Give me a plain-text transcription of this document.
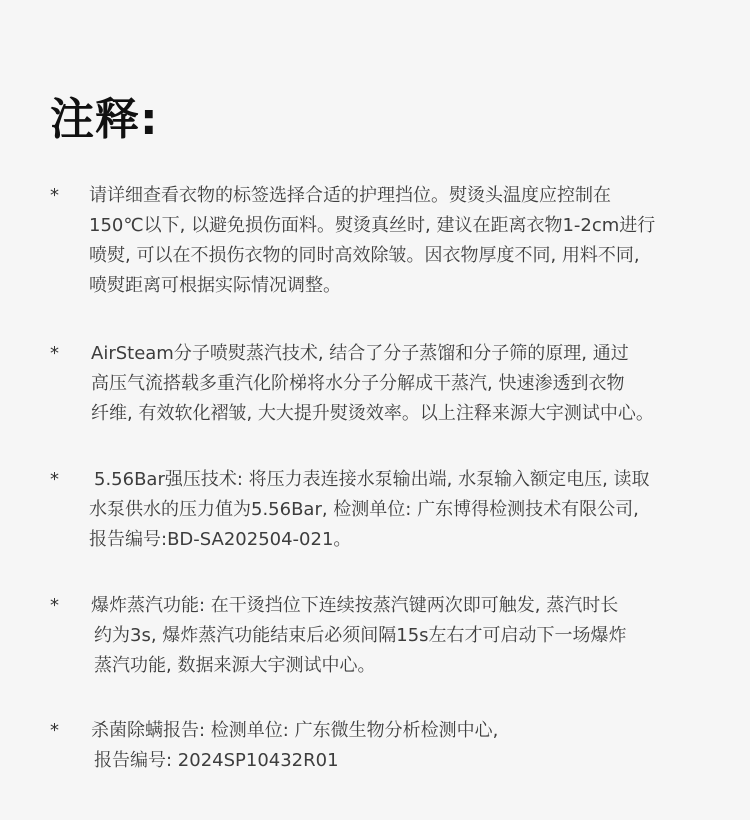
注释:
* 请详细查看衣物的标签选择合适的护理挡位。熨烫头温度应控制在
150℃以下, 以避免损伤面料。熨烫真丝时, 建议在距离衣物1-2cm进行
喷熨, 可以在不损伤衣物的同时高效除皱。因衣物厚度不同, 用料不同,
喷熨距离可根据实际情况调整。

* AirSteam分子喷熨蒸汽技术, 结合了分子蒸馏和分子筛的原理, 通过
高压气流搭载多重汽化阶梯将水分子分解成干蒸汽, 快速渗透到衣物
纤维, 有效软化褶皱, 大大提升熨烫效率。以上注释来源大宇测试中心。

* 5.56Bar强压技术: 将压力表连接水泵输出端, 水泵输入额定电压, 读取
水泵供水的压力值为5.56Bar, 检测单位: 广东博得检测技术有限公司,
报告编号:BD-SA202504-021。

* 爆炸蒸汽功能: 在干烫挡位下连续按蒸汽键两次即可触发, 蒸汽时长
约为3s, 爆炸蒸汽功能结束后必须间隔15s左右才可启动下一场爆炸
蒸汽功能, 数据来源大宇测试中心。

* 杀菌除螨报告: 检测单位: 广东微生物分析检测中心,
报告编号: 2024SP10432R01
